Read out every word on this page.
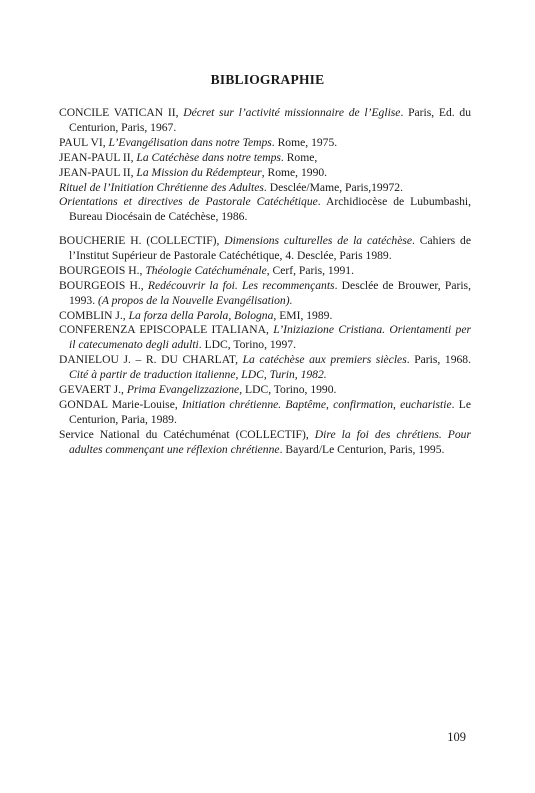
BIBLIOGRAPHIE

CONCILE VATICAN II, Décret sur l’activité missionnaire de l’Eglise. Paris, Ed. du Centurion, Paris, 1967.

PAUL VI, L’Evangélisation dans notre Temps. Rome, 1975.

JEAN-PAUL II, La Catéchèse dans notre temps. Rome,

JEAN-PAUL II, La Mission du Rédempteur, Rome, 1990.

Rituel de l’Initiation Chrétienne des Adultes. Desclée/Mame, Paris,19972.

Orientations et directives de Pastorale Catéchétique. Archidiocèse de Lubumbashi, Bureau Diocésain de Catéchèse, 1986.

BOUCHERIE H. (COLLECTIF), Dimensions culturelles de la catéchèse. Cahiers de l’Institut Supérieur de Pastorale Catéchétique, 4. Desclée, Paris 1989.

BOURGEOIS H., Théologie Catéchuménale, Cerf, Paris, 1991.

BOURGEOIS H., Redécouvrir la foi. Les recommençants. Desclée de Brouwer, Paris, 1993. (A propos de la Nouvelle Evangélisation).

COMBLIN J., La forza della Parola, Bologna, EMI, 1989.

CONFERENZA EPISCOPALE ITALIANA, L’Iniziazione Cristiana. Orientamenti per il catecumenato degli adulti. LDC, Torino, 1997.

DANIELOU J. – R. DU CHARLAT, La catéchèse aux premiers siècles. Paris, 1968. Cité à partir de traduction italienne, LDC, Turin, 1982.

GEVAERT J., Prima Evangelizzazione, LDC, Torino, 1990.

GONDAL Marie-Louise, Initiation chrétienne. Baptême, confirmation, eucharistie. Le Centurion, Paria, 1989.

Service National du Catéchuménat (COLLECTIF), Dire la foi des chrétiens. Pour adultes commençant une réflexion chrétienne. Bayard/Le Centurion, Paris, 1995.

109
